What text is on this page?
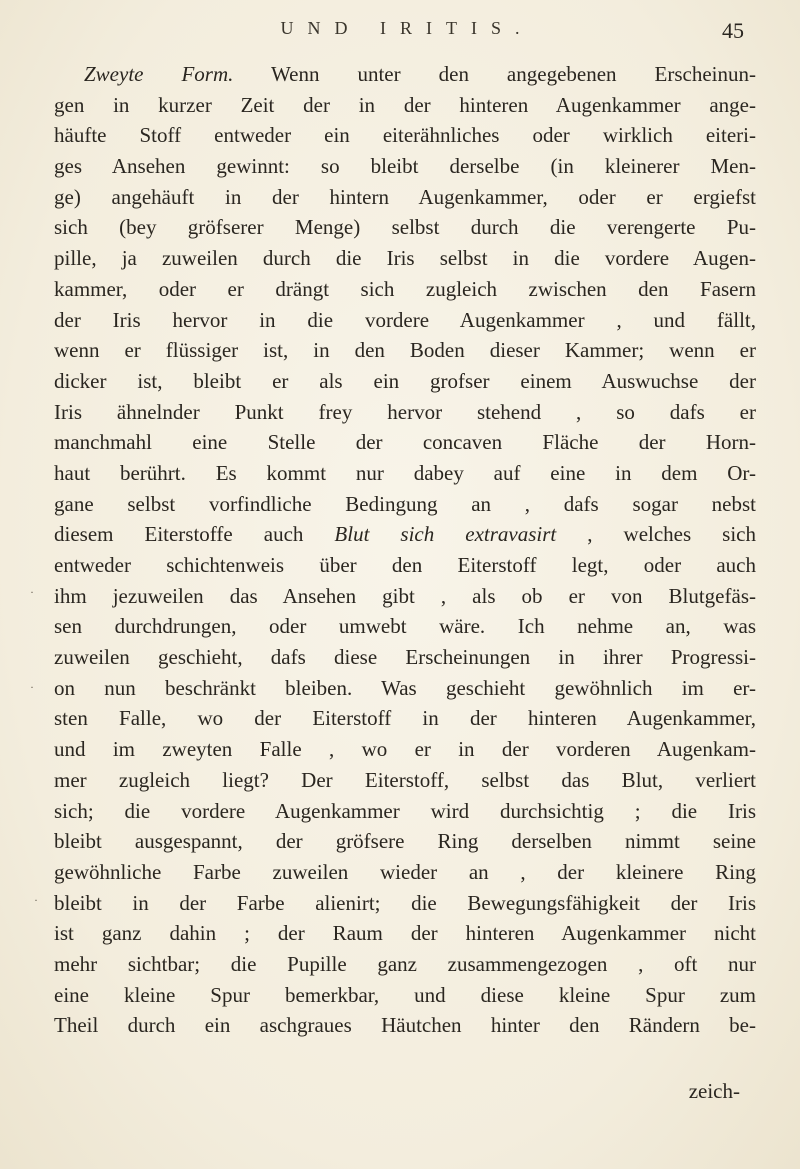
UND IRITIS.	45
Zweyte Form. Wenn unter den angegebenen Erscheinun-
gen in kurzer Zeit der in der hinteren Augenkammer ange-
häufte Stoff entweder ein eiterähnliches oder wirklich eiteri-
ges Ansehen gewinnt: so bleibt derselbe (in kleinerer Men-
ge) angehäuft in der hintern Augenkammer, oder er ergiefst
sich (bey gröfserer Menge) selbst durch die verengerte Pu-
pille, ja zuweilen durch die Iris selbst in die vordere Augen-
kammer, oder er drängt sich zugleich zwischen den Fasern
der Iris hervor in die vordere Augenkammer , und fällt,
wenn er flüssiger ist, in den Boden dieser Kammer; wenn er
dicker ist, bleibt er als ein grofser einem Auswuchse der
Iris ähnelnder Punkt frey hervor stehend , so dafs er
manchmahl eine Stelle der concaven Fläche der Horn-
haut berührt. Es kommt nur dabey auf eine in dem Or-
gane selbst vorfindliche Bedingung an , dafs sogar nebst
diesem Eiterstoffe auch Blut sich extravasirt , welches sich
entweder schichtenweis über den Eiterstoff legt, oder auch
ihm jezuweilen das Ansehen gibt , als ob er von Blutgefäs-
sen durchdrungen, oder umwebt wäre. Ich nehme an, was
zuweilen geschieht, dafs diese Erscheinungen in ihrer Progressi-
on nun beschränkt bleiben. Was geschieht gewöhnlich im er-
sten Falle, wo der Eiterstoff in der hinteren Augenkammer,
und im zweyten Falle , wo er in der vorderen Augenkam-
mer zugleich liegt? Der Eiterstoff, selbst das Blut, verliert
sich; die vordere Augenkammer wird durchsichtig ; die Iris
bleibt ausgespannt, der gröfsere Ring derselben nimmt seine
gewöhnliche Farbe zuweilen wieder an , der kleinere Ring
bleibt in der Farbe alienirt; die Bewegungsfähigkeit der Iris
ist ganz dahin ; der Raum der hinteren Augenkammer nicht
mehr sichtbar; die Pupille ganz zusammengezogen , oft nur
eine kleine Spur bemerkbar, und diese kleine Spur zum
Theil durch ein aschgraues Häutchen hinter den Rändern be-
zeich-
·
·
·
